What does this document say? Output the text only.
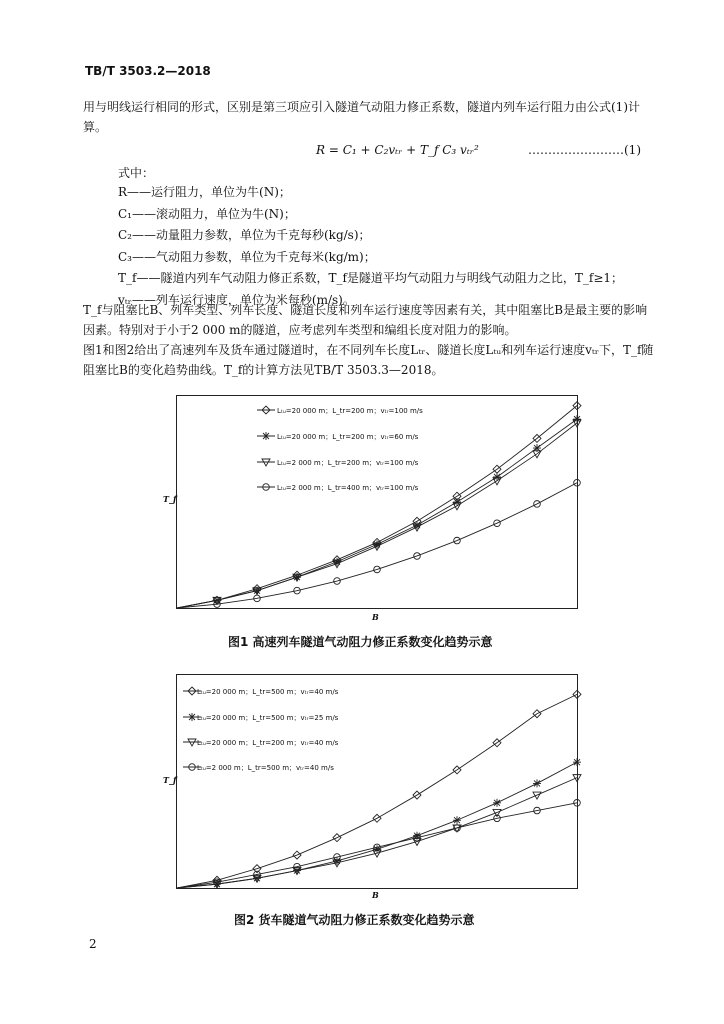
TB/T 3503.2—2018
用与明线运行相同的形式，区别是第三项应引入隧道气动阻力修正系数，隧道内列车运行阻力由公式(1)计算。
R = C₁ + C₂vₜᵣ + T_f C₃ vₜᵣ²	……………………(1)
式中：
R——运行阻力，单位为牛(N)；
C₁——滚动阻力，单位为牛(N)；
C₂——动量阻力参数，单位为千克每秒(kg/s)；
C₃——气动阻力参数，单位为千克每米(kg/m)；
T_f——隧道内列车气动阻力修正系数，T_f是隧道平均气动阻力与明线气动阻力之比，T_f≥1；
vₜᵣ——列车运行速度，单位为米每秒(m/s)。
T_f与阻塞比B、列车类型、列车长度、隧道长度和列车运行速度等因素有关，其中阻塞比B是最主要的影响因素。特别对于小于2 000 m的隧道，应考虑列车类型和编组长度对阻力的影响。
图1和图2给出了高速列车及货车通过隧道时，在不同列车长度Lₜᵣ、隧道长度Lₜᵤ和列车运行速度vₜᵣ下，T_f随阻塞比B的变化趋势曲线。T_f的计算方法见TB/T 3503.3—2018。
Lₜᵤ=20 000 m；L_tr=200 m；vₜᵣ=100 m/s
Lₜᵤ=20 000 m；L_tr=200 m；vₜᵣ=60 m/s
Lₜᵤ=2 000 m；L_tr=200 m；vₜᵣ=100 m/s
Lₜᵤ=2 000 m；L_tr=400 m；vₜᵣ=100 m/s
T_f
B
图1 高速列车隧道气动阻力修正系数变化趋势示意
Lₜᵤ=20 000 m；L_tr=500 m；vₜᵣ=40 m/s
Lₜᵤ=20 000 m；L_tr=500 m；vₜᵣ=25 m/s
Lₜᵤ=20 000 m；L_tr=200 m；vₜᵣ=40 m/s
Lₜᵤ=2 000 m；L_tr=500 m；vₜᵣ=40 m/s
T_f
B
图2 货车隧道气动阻力修正系数变化趋势示意
2
